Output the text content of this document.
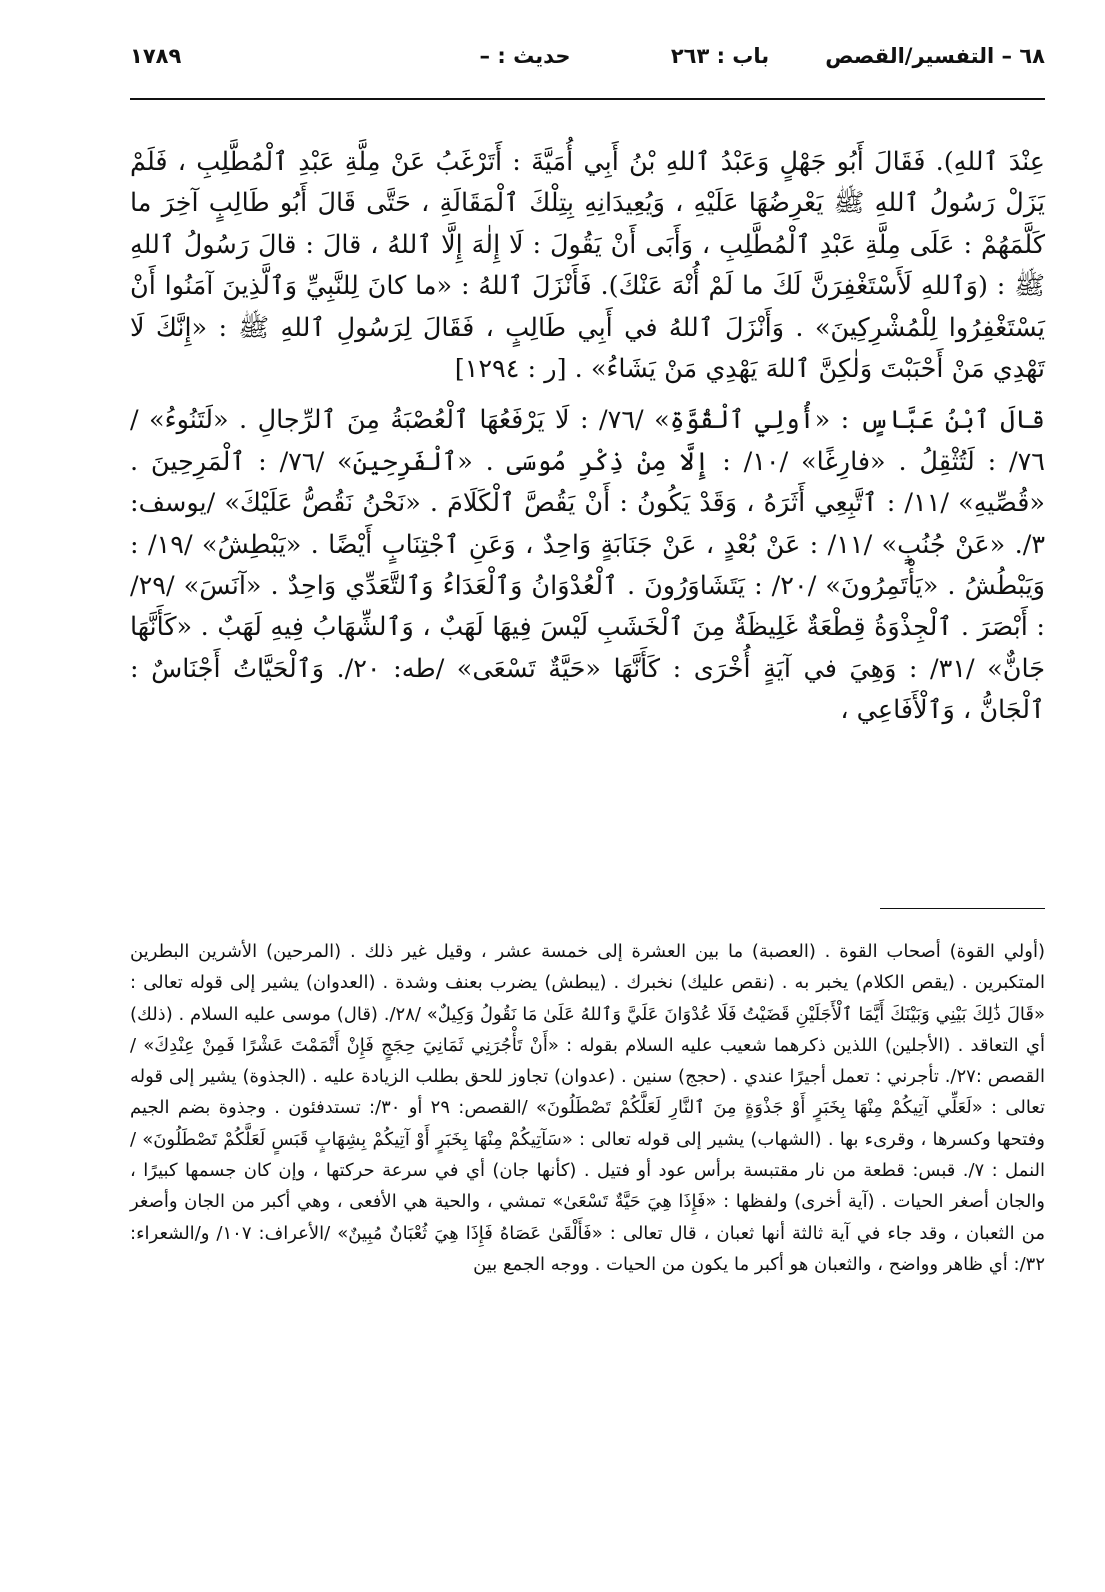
٦٨ – التفسير/القصص
باب : ٢٦٣
حديث : –
١٧٨٩

عِنْدَ ٱللهِ). فَقَالَ أَبُو جَهْلٍ وَعَبْدُ ٱللهِ بْنُ أَبِي أُمَيَّةَ : أَتَرْغَبُ عَنْ مِلَّةِ عَبْدِ ٱلْمُطَّلِبِ ، فَلَمْ يَزَلْ رَسُولُ ٱللهِ ﷺ يَعْرِضُهَا عَلَيْهِ ، وَيُعِيدَانِهِ بِتِلْكَ ٱلْمَقَالَةِ ، حَتَّى قَالَ أَبُو طَالِبٍ آخِرَ ما كَلَّمَهُمْ : عَلَى مِلَّةِ عَبْدِ ٱلْمُطَّلِبِ ، وَأَبَى أَنْ يَقُولَ : لَا إِلٰهَ إِلَّا ٱللهُ ، قالَ : قالَ رَسُولُ ٱللهِ ﷺ : (وَٱللهِ لَأَسْتَغْفِرَنَّ لَكَ ما لَمْ أُنْهَ عَنْكَ). فَأَنْزَلَ ٱللهُ : «ما كانَ لِلنَّبِيِّ وَٱلَّذِينَ آمَنُوا أَنْ يَسْتَغْفِرُوا لِلْمُشْرِكِينَ» . وَأَنْزَلَ ٱللهُ في أَبِي طَالِبٍ ، فَقَالَ لِرَسُولِ ٱللهِ ﷺ : «إِنَّكَ لَا تَهْدِي مَنْ أَحْبَبْتَ وَلٰكِنَّ ٱللهَ يَهْدِي مَنْ يَشَاءُ» . [ر : ١٢٩٤]

قالَ ٱبْنُ عَبَّاسٍ : «أُولِي ٱلْقُوَّةِ» /٧٦/ : لَا يَرْفَعُهَا ٱلْعُصْبَةُ مِنَ ٱلرِّجالِ . «لَتَنُوءُ» /٧٦/ : لَتُثْقِلُ . «فارِغًا» /١٠/ : إِلَّا مِنْ ذِكْرِ مُوسَى . «ٱلْفَرِحِينَ» /٧٦/ : ٱلْمَرِحِينَ . «قُصِّيهِ» /١١/ : ٱتَّبِعِي أَثَرَهُ ، وَقَدْ يَكُونُ : أَنْ يَقُصَّ ٱلْكَلَامَ . «نَحْنُ نَقُصُّ عَلَيْكَ» /يوسف: ٣/. «عَنْ جُنُبٍ» /١١/ : عَنْ بُعْدٍ ، عَنْ جَنَابَةٍ وَاحِدٌ ، وَعَنِ ٱجْتِنَابٍ أَيْضًا . «يَبْطِشُ» /١٩/ : وَيَبْطُشُ . «يَأْتَمِرُونَ» /٢٠/ : يَتَشَاوَرُونَ . ٱلْعُدْوَانُ وَٱلْعَدَاءُ وَٱلتَّعَدِّي وَاحِدٌ . «آنَسَ» /٢٩/ : أَبْصَرَ . ٱلْجِذْوَةُ قِطْعَةٌ غَلِيظَةٌ مِنَ ٱلْخَشَبِ لَيْسَ فِيهَا لَهَبٌ ، وَٱلشِّهَابُ فِيهِ لَهَبٌ . «كَأَنَّهَا جَانٌّ» /٣١/ : وَهِيَ في آيَةٍ أُخْرَى : كَأَنَّهَا «حَيَّةٌ تَسْعَى» /طه: ٢٠/. وَٱلْحَيَّاتُ أَجْنَاسٌ : ٱلْجَانُّ ، وَٱلْأَفَاعِي ،

(أولي القوة) أصحاب القوة . (العصبة) ما بين العشرة إلى خمسة عشر ، وقيل غير ذلك . (المرحين) الأشرين البطرين المتكبرين . (يقص الكلام) يخبر به . (نقص عليك) نخبرك . (يبطش) يضرب بعنف وشدة . (العدوان) يشير إلى قوله تعالى : «قَالَ ذَٰلِكَ بَيْنِي وَبَيْنَكَ أَيَّمَا ٱلْأَجَلَيْنِ قَضَيْتُ فَلَا عُدْوَانَ عَلَيَّ وَٱللهُ عَلَىٰ مَا نَقُولُ وَكِيلٌ» /٢٨/. (قال) موسى عليه السلام . (ذلك) أي التعاقد . (الأجلين) اللذين ذكرهما شعيب عليه السلام بقوله : «أَنْ تَأْجُرَنِي ثَمَانِيَ حِجَجٍ فَإِنْ أَتْمَمْتَ عَشْرًا فَمِنْ عِنْدِكَ» / القصص :٢٧/. تأجرني : تعمل أجيرًا عندي . (حجج) سنين . (عدوان) تجاوز للحق بطلب الزيادة عليه . (الجذوة) يشير إلى قوله تعالى : «لَعَلِّي آتِيكُمْ مِنْهَا بِخَبَرٍ أَوْ جَذْوَةٍ مِنَ ٱلنَّارِ لَعَلَّكُمْ تَصْطَلُونَ» /القصص: ٢٩ أو ٣٠/: تستدفئون . وجذوة بضم الجيم وفتحها وكسرها ، وقرىء بها . (الشهاب) يشير إلى قوله تعالى : «سَآتِيكُمْ مِنْهَا بِخَبَرٍ أَوْ آتِيكُمْ بِشِهَابٍ قَبَسٍ لَعَلَّكُمْ تَصْطَلُونَ» /النمل : ٧/. قبس: قطعة من نار مقتبسة برأس عود أو فتيل . (كأنها جان) أي في سرعة حركتها ، وإن كان جسمها كبيرًا ، والجان أصغر الحيات . (آية أخرى) ولفظها : «فَإِذَا هِيَ حَيَّةٌ تَسْعَىٰ» تمشي ، والحية هي الأفعى ، وهي أكبر من الجان وأصغر من الثعبان ، وقد جاء في آية ثالثة أنها ثعبان ، قال تعالى : «فَأَلْقَىٰ عَصَاهُ فَإِذَا هِيَ ثُعْبَانٌ مُبِينٌ» /الأعراف: ١٠٧/ و/الشعراء: ٣٢/: أي ظاهر وواضح ، والثعبان هو أكبر ما يكون من الحيات . ووجه الجمع بين
